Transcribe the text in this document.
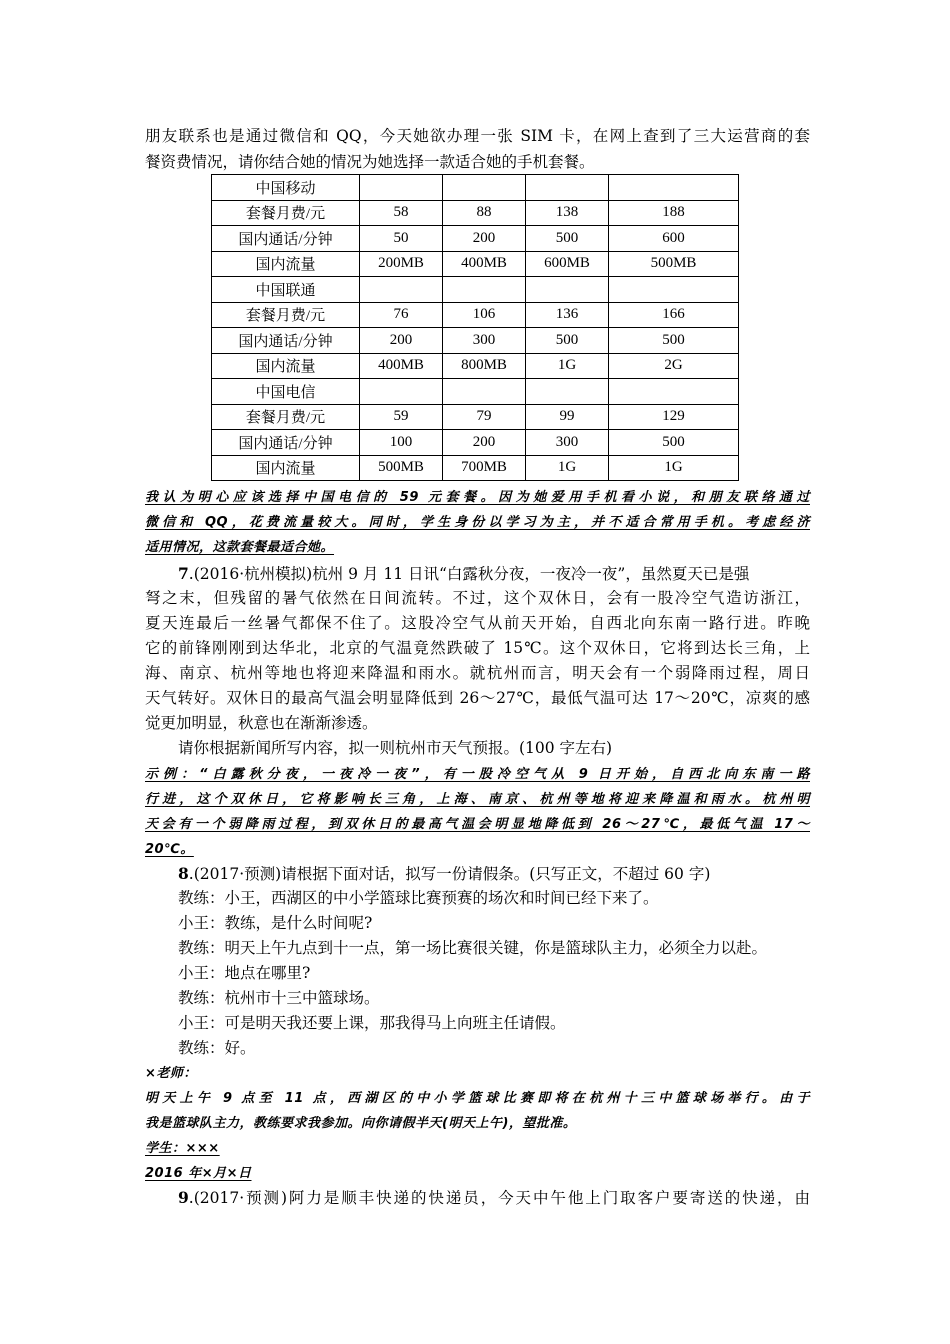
朋友联系也是通过微信和 QQ，今天她欲办理一张 SIM 卡，在网上查到了三大运营商的套
餐资费情况，请你结合她的情况为她选择一款适合她的手机套餐。
中国移动				
套餐月费/元	58	88	138	188
国内通话/分钟	50	200	500	600
国内流量	200MB	400MB	600MB	500MB
中国联通				
套餐月费/元	76	106	136	166
国内通话/分钟	200	300	500	500
国内流量	400MB	800MB	1G	2G
中国电信				
套餐月费/元	59	79	99	129
国内通话/分钟	100	200	300	500
国内流量	500MB	700MB	1G	1G
我认为明心应该选择中国电信的 59 元套餐。因为她爱用手机看小说，和朋友联络通过
微信和 QQ，花费流量较大。同时，学生身份以学习为主，并不适合常用手机。考虑经济
适用情况，这款套餐最适合她。
7.(2016·杭州模拟)杭州 9 月 11 日讯“白露秋分夜，一夜冷一夜”，虽然夏天已是强
弩之末，但残留的暑气依然在日间流转。不过，这个双休日，会有一股冷空气造访浙江，
夏天连最后一丝暑气都保不住了。这股冷空气从前天开始，自西北向东南一路行进。昨晚
它的前锋刚刚到达华北，北京的气温竟然跌破了 15℃。这个双休日，它将到达长三角，上
海、南京、杭州等地也将迎来降温和雨水。就杭州而言，明天会有一个弱降雨过程，周日
天气转好。双休日的最高气温会明显降低到 26～27℃，最低气温可达 17～20℃，凉爽的感
觉更加明显，秋意也在渐渐渗透。
请你根据新闻所写内容，拟一则杭州市天气预报。(100 字左右)
示例：“白露秋分夜，一夜冷一夜”，有一股冷空气从 9 日开始，自西北向东南一路
行进，这个双休日，它将影响长三角，上海、南京、杭州等地将迎来降温和雨水。杭州明
天会有一个弱降雨过程，到双休日的最高气温会明显地降低到 26～27℃，最低气温 17～
20℃。
8.(2017·预测)请根据下面对话，拟写一份请假条。(只写正文，不超过 60 字)
教练：小王，西湖区的中小学篮球比赛预赛的场次和时间已经下来了。
小王：教练，是什么时间呢?
教练：明天上午九点到十一点，第一场比赛很关键，你是篮球队主力，必须全力以赴。
小王：地点在哪里?
教练：杭州市十三中篮球场。
小王：可是明天我还要上课，那我得马上向班主任请假。
教练：好。
×老师：
明天上午 9 点至 11 点，西湖区的中小学篮球比赛即将在杭州十三中篮球场举行。由于
我是篮球队主力，教练要求我参加。向你请假半天(明天上午)，望批准。
学生：×××
2016 年×月×日
9.(2017·预测)阿力是顺丰快递的快递员，今天中午他上门取客户要寄送的快递，由
